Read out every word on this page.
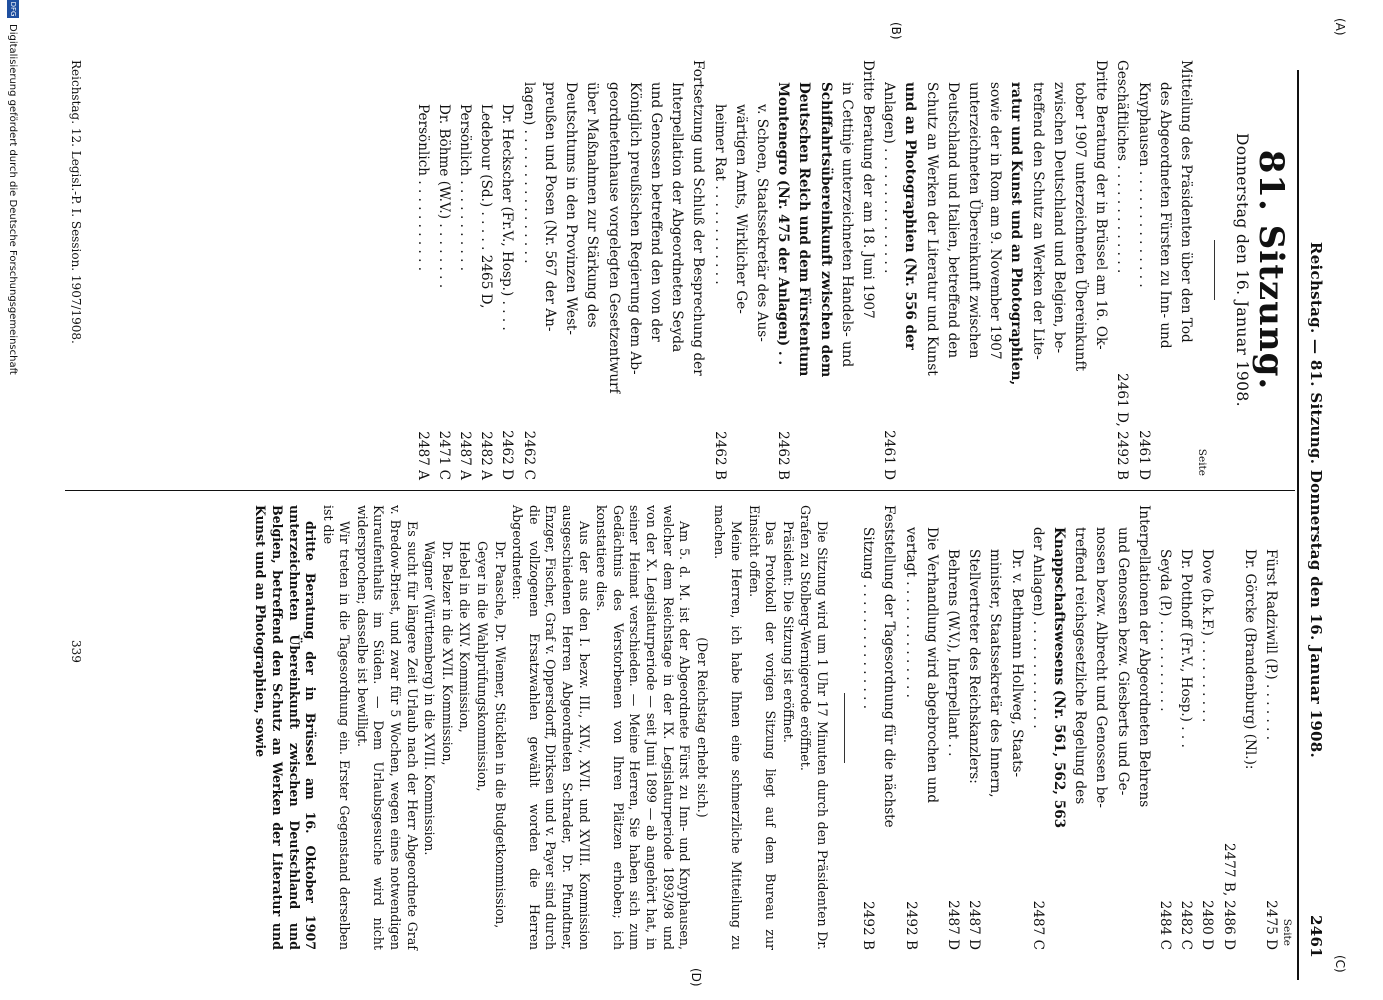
(A)
Reichstag. — 81. Sitzung. Donnerstag den 16. Januar 1908.
2461
(C)
81. Sitzung.
Donnerstag den 16. Januar 1908.
Seite
Mitteilung des Präsidenten über den Tod
des Abgeordneten Fürsten zu Inn- und
Knyphausen . . . . . . . . . . . . . .
2461 D
Geschäftliches . . . . . . . . . . . . .
2461 D, 2492 B
Dritte Beratung der in Brüssel am 16. Ok-
tober 1907 unterzeichneten Übereinkunft
zwischen Deutschland und Belgien, be-
treffend den Schutz an Werken der Lite-
ratur und Kunst und an Photographien,
sowie der in Rom am 9. November 1907
unterzeichneten Übereinkunft zwischen
Deutschland und Italien, betreffend den
Schutz an Werken der Literatur und Kunst
und an Photographien (Nr. 556 der
Anlagen) . . . . . . . . . . . . . . .
2461 D
Dritte Beratung der am 18. Juni 1907
in Cettinje unterzeichneten Handels- und
Schiffahrtsübereinkunft zwischen dem
Deutschen Reich und dem Fürstentum
Montenegro (Nr. 475 der Anlagen) . .
2462 B
v. Schoen, Staatssekretär des Aus-
wärtigen Amts, Wirklicher Ge-
heimer Rat . . . . . . . . . . . .
2462 B
Fortsetzung und Schluß der Besprechung der
Interpellation der Abgeordneten Seyda
und Genossen betreffend den von der
Königlich preußischen Regierung dem Ab-
geordnetenhause vorgelegten Gesetzentwurf
über Maßnahmen zur Stärkung des
Deutschtums in den Provinzen West-
preußen und Posen (Nr. 567 der An-
lagen) . . . . . . . . . . . . . . . .
2462 C
Dr. Heckscher (Fr.V., Hosp.) . . . .
2462 D
Ledebour (Sd.) . . . . . 2465 D,
2482 A
Persönlich . . . . . . . . . . .
2487 A
Dr. Böhme (W.V.) . . . . . . . .
2471 C
Persönlich . . . . . . . . . . .
2487 A
(B)
Seite
Fürst Radziwill (P.) . . . . . . .
2475 D
Dr. Görcke (Brandenburg) (Nl.):
2477 B,
2486 D
Dove (b.k.F.) . . . . . . . . . .
2480 D
Dr. Potthoff (Fr.V., Hosp.) . . .
2482 C
Seyda (P.) . . . . . . . . . . .
2484 C
Interpellationen der Abgeordneten Behrens
und Genossen bezw. Giesberts und Ge-
nossen bezw. Albrecht und Genossen be-
treffend reichsgesetzliche Regelung des
Knappschaftswesens (Nr. 561, 562, 563
der Anlagen) . . . . . . . . . . . . .
2487 C
Dr. v. Bethmann Hollweg, Staats-
minister, Staatssekretär des Innern,
Stellvertreter des Reichskanzlers:
2487 D
Behrens (W.V.), Interpellant . .
2487 D
Die Verhandlung wird abgebrochen und
vertagt . . . . . . . . . . . . . .
2492 B
Feststellung der Tagesordnung für die nächste
Sitzung . . . . . . . . . . . . . . .
2492 B

Die Sitzung wird um 1 Uhr 17 Minuten durch den Präsidenten Dr. Grafen zu Stolberg-Wernigerode eröffnet.

Präsident: Die Sitzung ist eröffnet.

Das Protokoll der vorigen Sitzung liegt auf dem Bureau zur Einsicht offen.

Meine Herren, ich habe Ihnen eine schmerzliche Mitteilung zu machen.

(Der Reichstag erhebt sich.)

Am 5. d. M. ist der Abgeordnete Fürst zu Inn- und Knyphausen, welcher dem Reichstage in der IX. Legislaturperiode 1893/98 und von der X. Legislaturperiode — seit Juni 1899 — ab angehört hat, in seiner Heimat verschieden. — Meine Herren, Sie haben sich zum Gedächtnis des Verstorbenen von Ihren Plätzen erhoben; ich konstatiere dies.

Aus der aus den I. bezw. III., XIV., XVII. und XVIII. Kommission ausgeschiedenen Herren Abgeordneten Schrader, Dr. Pfundtner, Enzger, Fischer, Graf v. Oppersdorff, Dirksen und v. Payer sind durch die vollzogenen Ersatzwahlen gewählt worden die Herren Abgeordneten:

Dr. Paasche, Dr. Wiemer, Stücklen in die Budgetkommission,

Geyer in die Wahlprüfungskommission,

Hebel in die XIV. Kommission,

Dr. Belzer in die XVII. Kommission,

Wagner (Württemberg) in die XVIII. Kommission.

Es sucht für längere Zeit Urlaub nach der Herr Abgeordnete Graf v. Bredow-Briest, und zwar für 5 Wochen, wegen eines notwendigen Kuraufenthalts im Süden. — Dem Urlaubsgesuche wird nicht widersprochen; dasselbe ist bewilligt.

Wir treten in die Tagesordnung ein. Erster Gegenstand derselben ist die

dritte Beratung der in Brüssel am 16. Oktober 1907 unterzeichneten Übereinkunft zwischen Deutschland und Belgien, betreffend den Schutz an Werken der Literatur und Kunst und an Photographien, sowie

(D)
Reichstag. 12. Legisl.-P. I. Session. 1907/1908.
339
DFG
Digitalisierung gefördert durch die Deutsche Forschungsgemeinschaft
